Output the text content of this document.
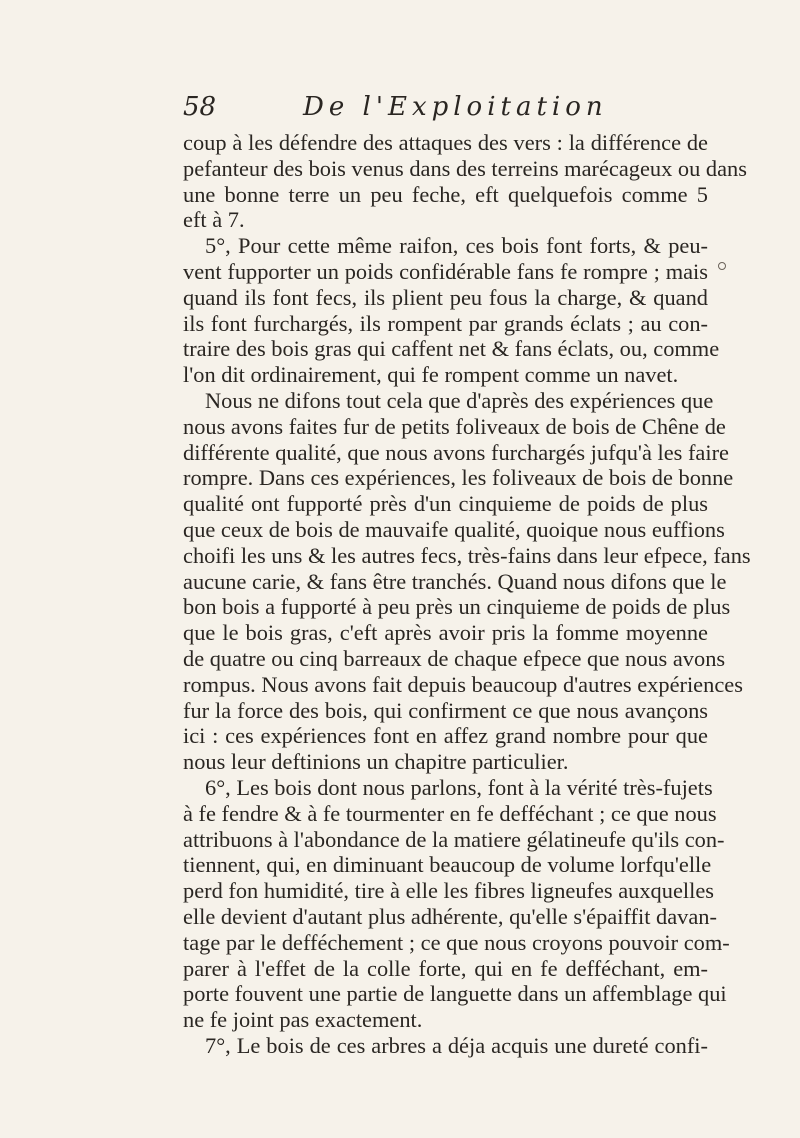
58	De l'Exploitation
coup à les défendre des attaques des vers : la différence de
pefanteur des bois venus dans des terreins marécageux ou dans
une bonne terre un peu feche, eft quelquefois comme 5
eft à 7.
5°, Pour cette même raifon, ces bois font forts, & peu-
vent fupporter un poids confidérable fans fe rompre ; mais
quand ils font fecs, ils plient peu fous la charge, & quand
ils font furchargés, ils rompent par grands éclats ; au con-
traire des bois gras qui caffent net & fans éclats, ou, comme
l'on dit ordinairement, qui fe rompent comme un navet.
Nous ne difons tout cela que d'après des expériences que
nous avons faites fur de petits foliveaux de bois de Chêne de
différente qualité, que nous avons furchargés jufqu'à les faire
rompre. Dans ces expériences, les foliveaux de bois de bonne
qualité ont fupporté près d'un cinquieme de poids de plus
que ceux de bois de mauvaife qualité, quoique nous euffions
choifi les uns & les autres fecs, très-fains dans leur efpece, fans
aucune carie, & fans être tranchés. Quand nous difons que le
bon bois a fupporté à peu près un cinquieme de poids de plus
que le bois gras, c'eft après avoir pris la fomme moyenne
de quatre ou cinq barreaux de chaque efpece que nous avons
rompus. Nous avons fait depuis beaucoup d'autres expériences
fur la force des bois, qui confirment ce que nous avançons
ici : ces expériences font en affez grand nombre pour que
nous leur deftinions un chapitre particulier.
6°, Les bois dont nous parlons, font à la vérité très-fujets
à fe fendre & à fe tourmenter en fe defféchant ; ce que nous
attribuons à l'abondance de la matiere gélatineufe qu'ils con-
tiennent, qui, en diminuant beaucoup de volume lorfqu'elle
perd fon humidité, tire à elle les fibres ligneufes auxquelles
elle devient d'autant plus adhérente, qu'elle s'épaiffit davan-
tage par le defféchement ; ce que nous croyons pouvoir com-
parer à l'effet de la colle forte, qui en fe defféchant, em-
porte fouvent une partie de languette dans un affemblage qui
ne fe joint pas exactement.
7°, Le bois de ces arbres a déja acquis une dureté confi-
